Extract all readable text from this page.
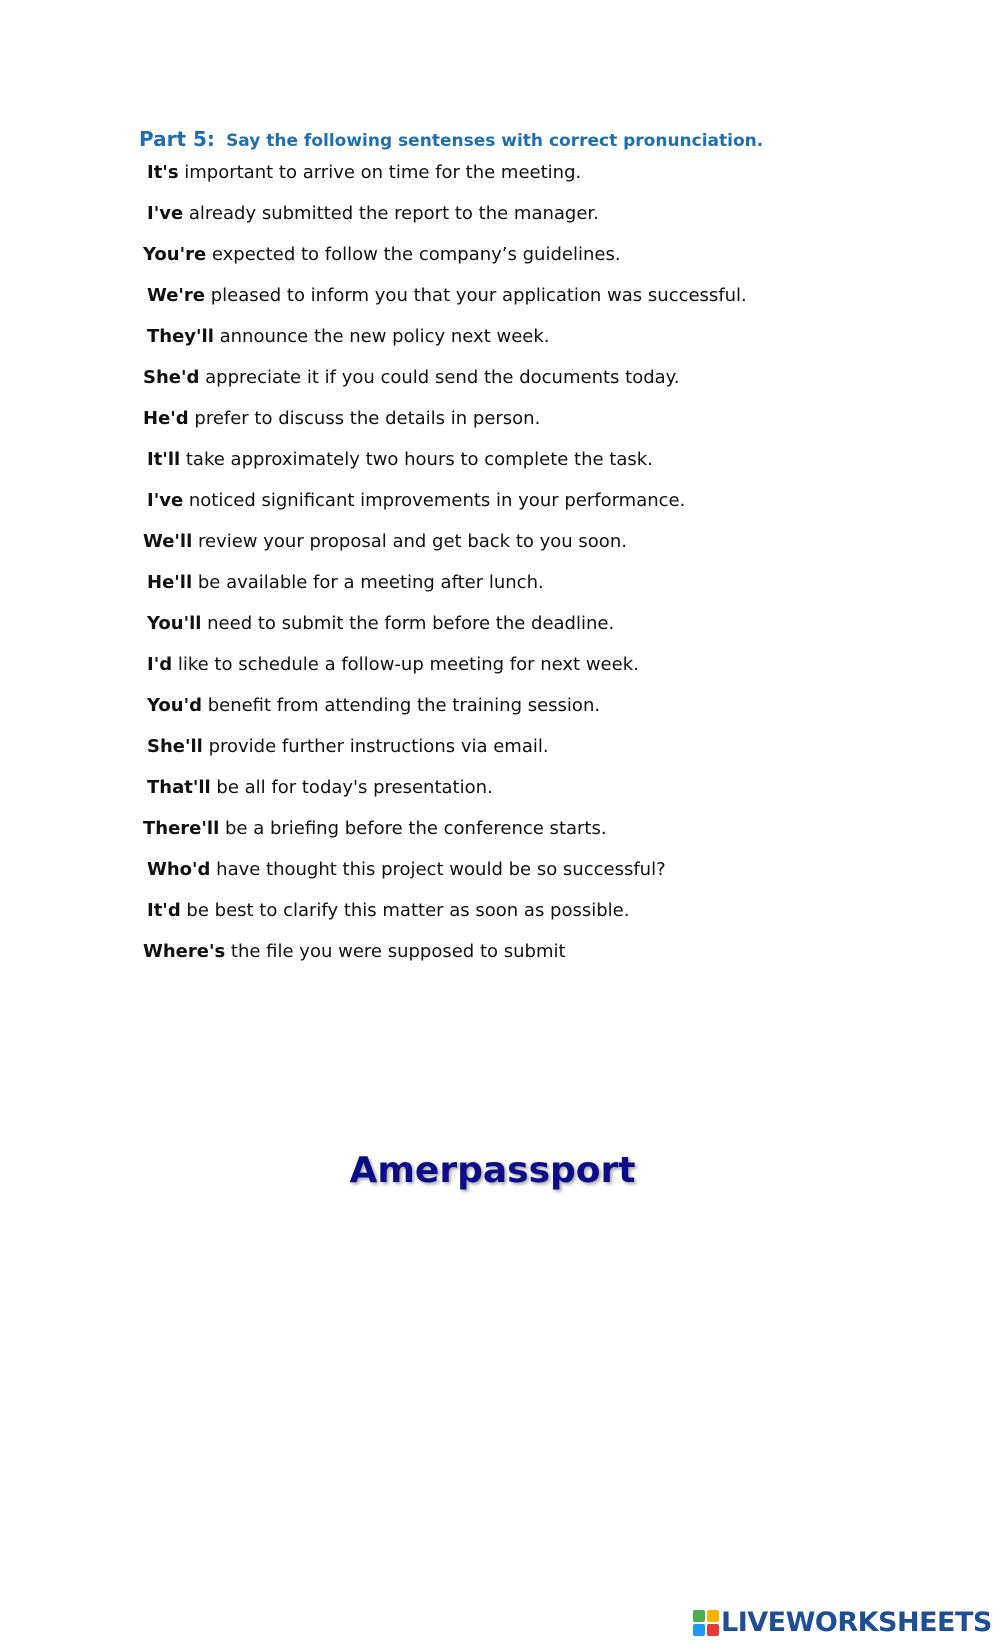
Part 5: Say the following sentenses with correct pronunciation.
It's important to arrive on time for the meeting.
I've already submitted the report to the manager.
You're expected to follow the company’s guidelines.
We're pleased to inform you that your application was successful.
They'll announce the new policy next week.
She'd appreciate it if you could send the documents today.
He'd prefer to discuss the details in person.
It'll take approximately two hours to complete the task.
I've noticed significant improvements in your performance.
We'll review your proposal and get back to you soon.
He'll be available for a meeting after lunch.
You'll need to submit the form before the deadline.
I'd like to schedule a follow-up meeting for next week.
You'd benefit from attending the training session.
She'll provide further instructions via email.
That'll be all for today's presentation.
There'll be a briefing before the conference starts.
Who'd have thought this project would be so successful?
It'd be best to clarify this matter as soon as possible.
Where's the file you were supposed to submit
Amerpassport
LIVEWORKSHEETS
